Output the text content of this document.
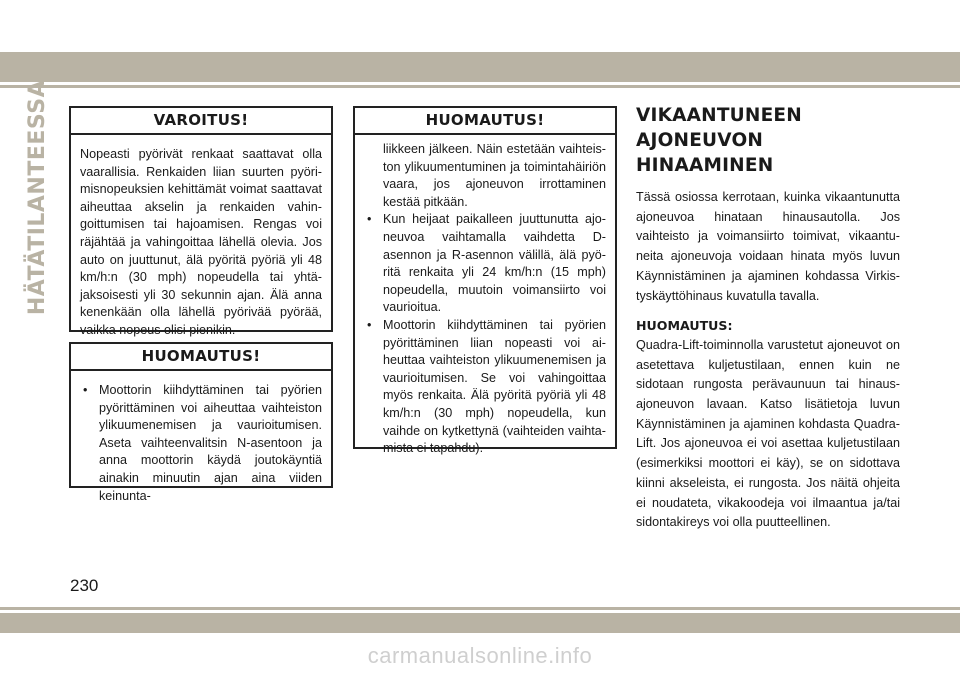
HÄTÄTILANTEESSA	VAROITUS!

Nopeasti pyörivät renkaat saattavat olla vaarallisia. Renkaiden liian suurten pyörimisnopeuksien kehittämät voimat saattavat aiheuttaa akselin ja renkaiden vahingoittumisen tai hajoamisen. Rengas voi räjähtää ja vahingoittaa lähellä olevia. Jos auto on juuttunut, älä pyöritä pyöriä yli 48 km/h:n (30 mph) nopeudella tai yhtäjaksoisesti yli 30 sekunnin ajan. Älä anna kenenkään olla lähellä pyörivää pyörää, vaikka nopeus olisi pienikin.

HUOMAUTUS!
• Moottorin kiihdyttäminen tai pyörien pyörittäminen voi aiheuttaa vaihteiston ylikuumenemisen ja vaurioitumisen. Aseta vaihteenvalitsin N-asentoon ja anna moottorin käydä joutokäyntiä ainakin minuutin ajan aina viiden keinunta-
HUOMAUTUS!
liikkeen jälkeen. Näin estetään vaihteiston ylikuumentuminen ja toimintahäiriön vaara, jos ajoneuvon irrottaminen kestää pitkään.
• Kun heijaat paikalleen juuttunutta ajoneuvoa vaihtamalla vaihdetta D-asennon ja R-asennon välillä, älä pyöritä renkaita yli 24 km/h:n (15 mph) nopeudella, muutoin voimansiirto voi vaurioitua.
• Moottorin kiihdyttäminen tai pyörien pyörittäminen liian nopeasti voi aiheuttaa vaihteiston ylikuumenemisen ja vaurioitumisen. Se voi vahingoittaa myös renkaita. Älä pyöritä pyöriä yli 48 km/h:n (30 mph) nopeudella, kun vaihde on kytkettynä (vaihteiden vaihtamista ei tapahdu).
VIKAANTUNEEN
AJONEUVON HINAAMINEN

Tässä osiossa kerrotaan, kuinka vikaantunutta ajoneuvoa hinataan hinausautolla. Jos vaihteisto ja voimansiirto toimivat, vikaantuneita ajoneuvoja voidaan hinata myös luvun Käynnistäminen ja ajaminen kohdassa Virkistyskäyttöhinaus kuvatulla tavalla.

HUOMAUTUS:

Quadra-Lift-toiminnolla varustetut ajoneuvot on asetettava kuljetustilaan, ennen kuin ne sidotaan rungosta perävaunuun tai hinausajoneuvon lavaan. Katso lisätietoja luvun Käynnistäminen ja ajaminen kohdasta Quadra-Lift. Jos ajoneuvoa ei voi asettaa kuljetustilaan (esimerkiksi moottori ei käy), se on sidottava kiinni akseleista, ei rungosta. Jos näitä ohjeita ei noudateta, vikakoodeja voi ilmaantua ja/tai sidontakireys voi olla puutteellinen.

230
carmanualsonline.info
